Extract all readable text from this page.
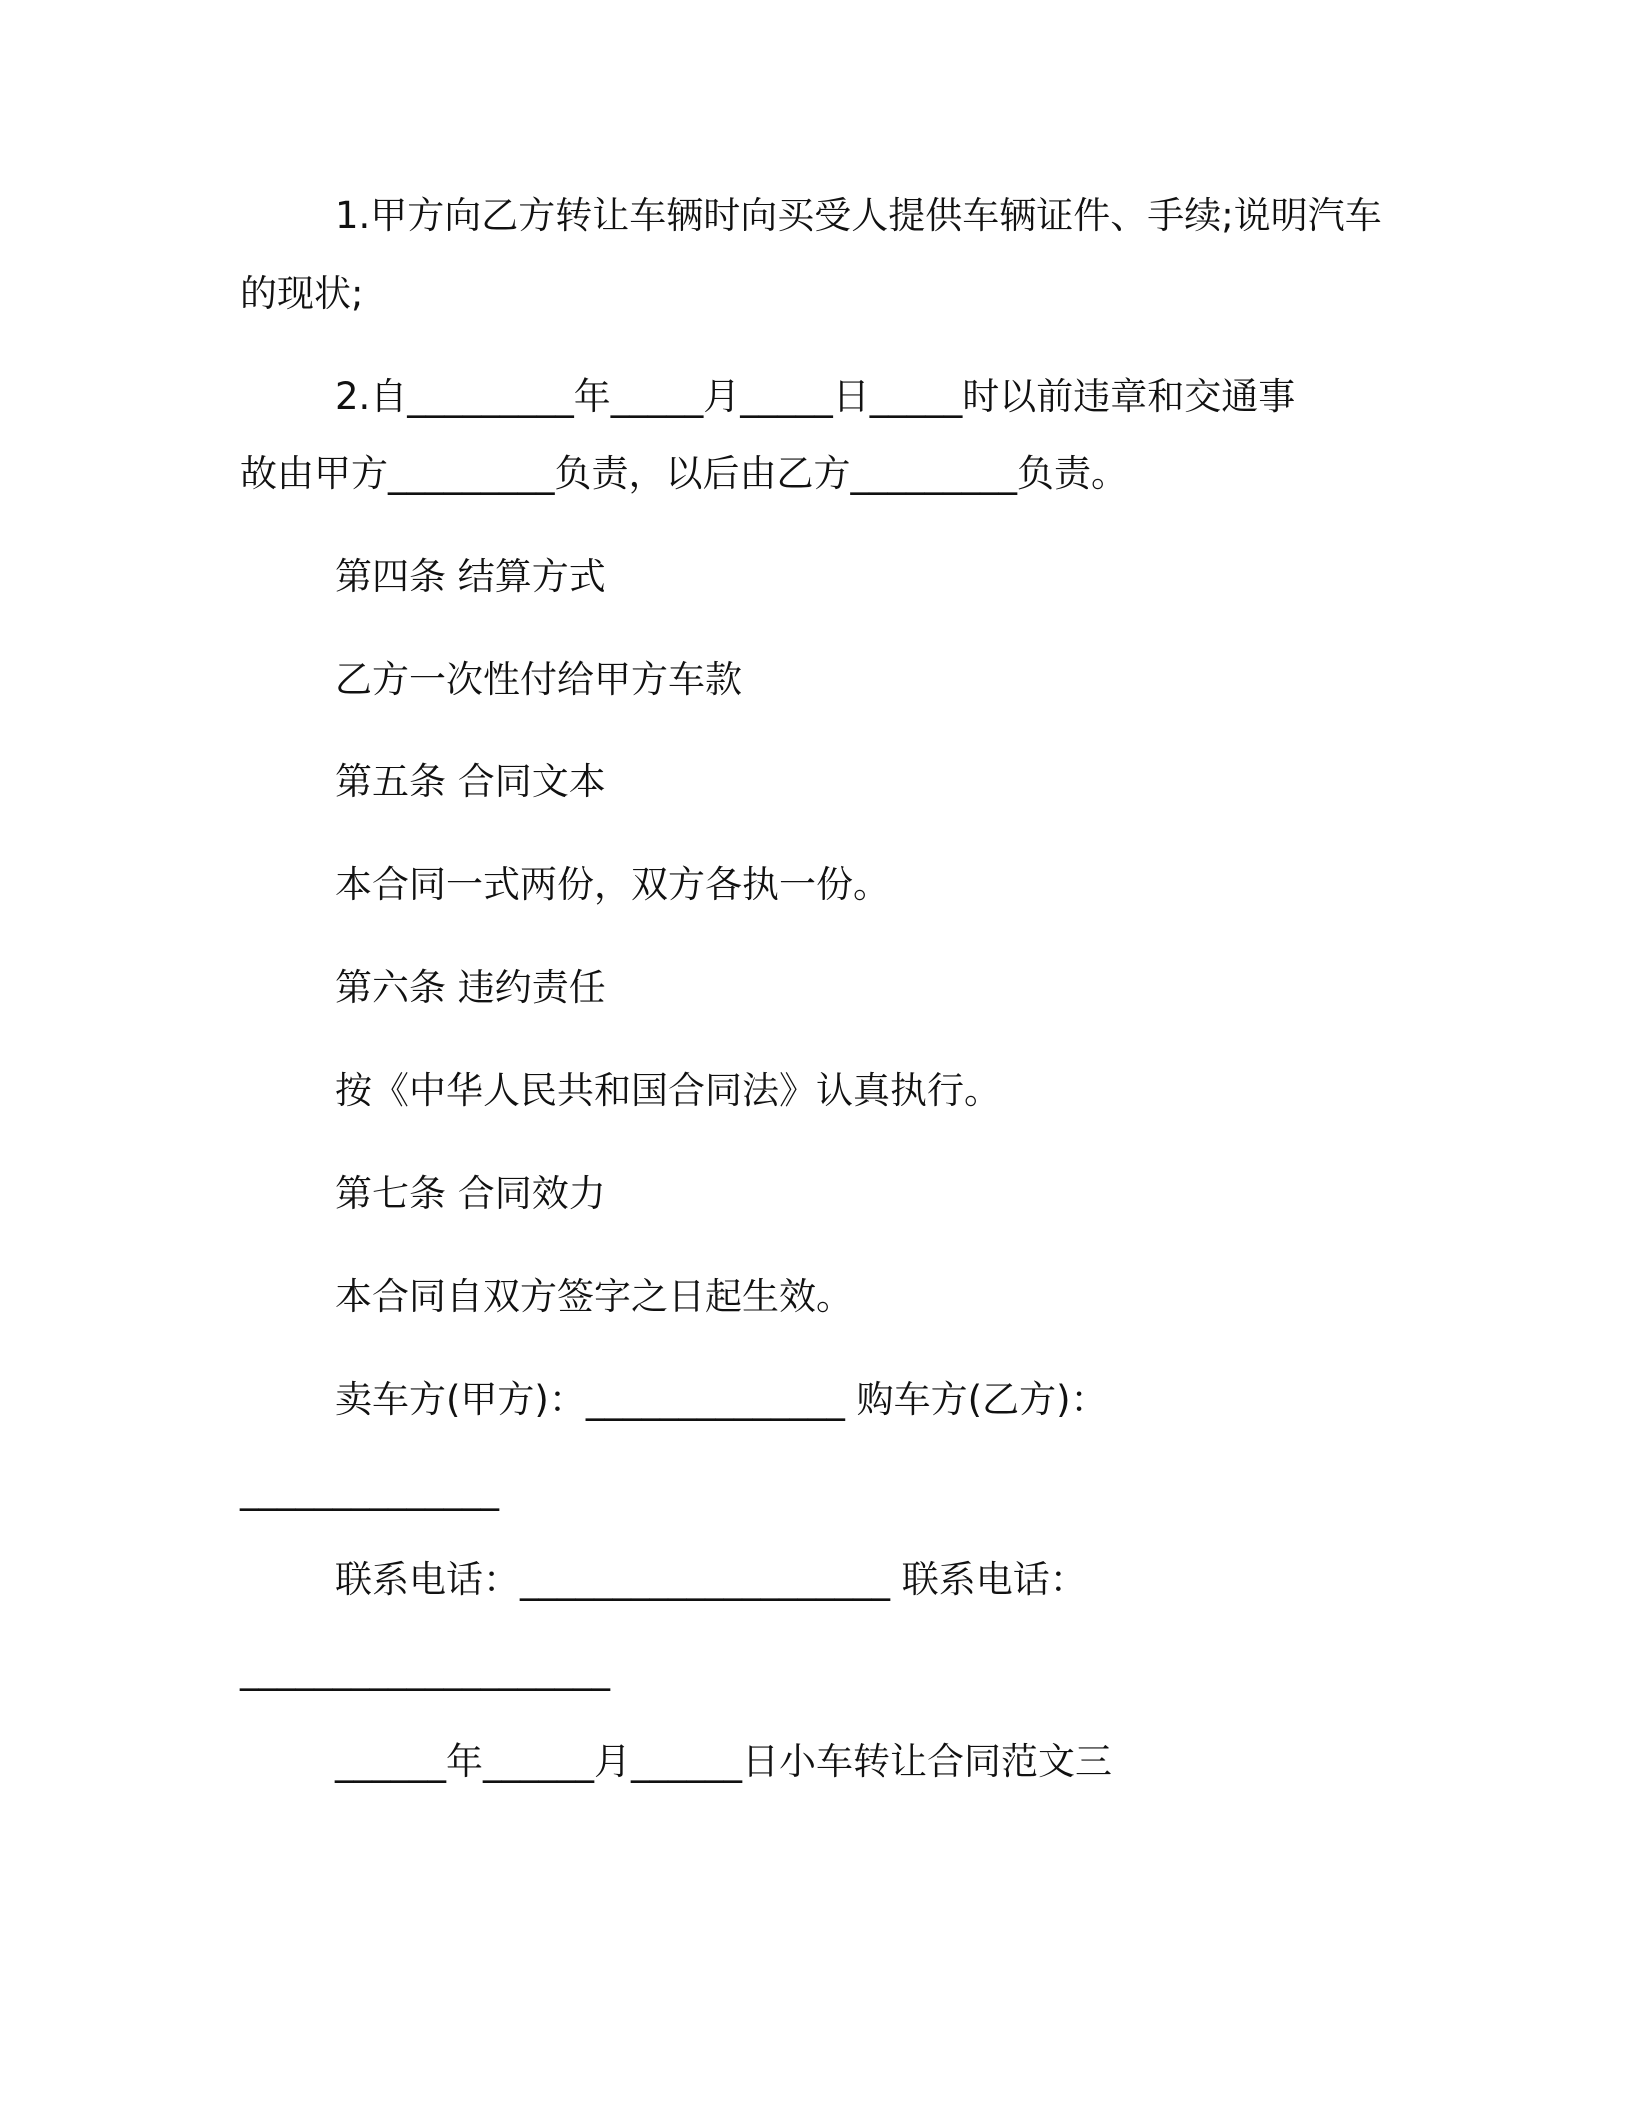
1.甲方向乙方转让车辆时向买受人提供车辆证件、手续;说明汽车
的现状;
2.自_________年_____月_____日_____时以前违章和交通事
故由甲方_________负责，以后由乙方_________负责。
第四条 结算方式
乙方一次性付给甲方车款
第五条 合同文本
本合同一式两份，双方各执一份。
第六条 违约责任
按《中华人民共和国合同法》认真执行。
第七条 合同效力
本合同自双方签字之日起生效。
卖车方(甲方)：______________ 购车方(乙方)：
______________
联系电话：____________________ 联系电话：
____________________
______年______月______日小车转让合同范文三
